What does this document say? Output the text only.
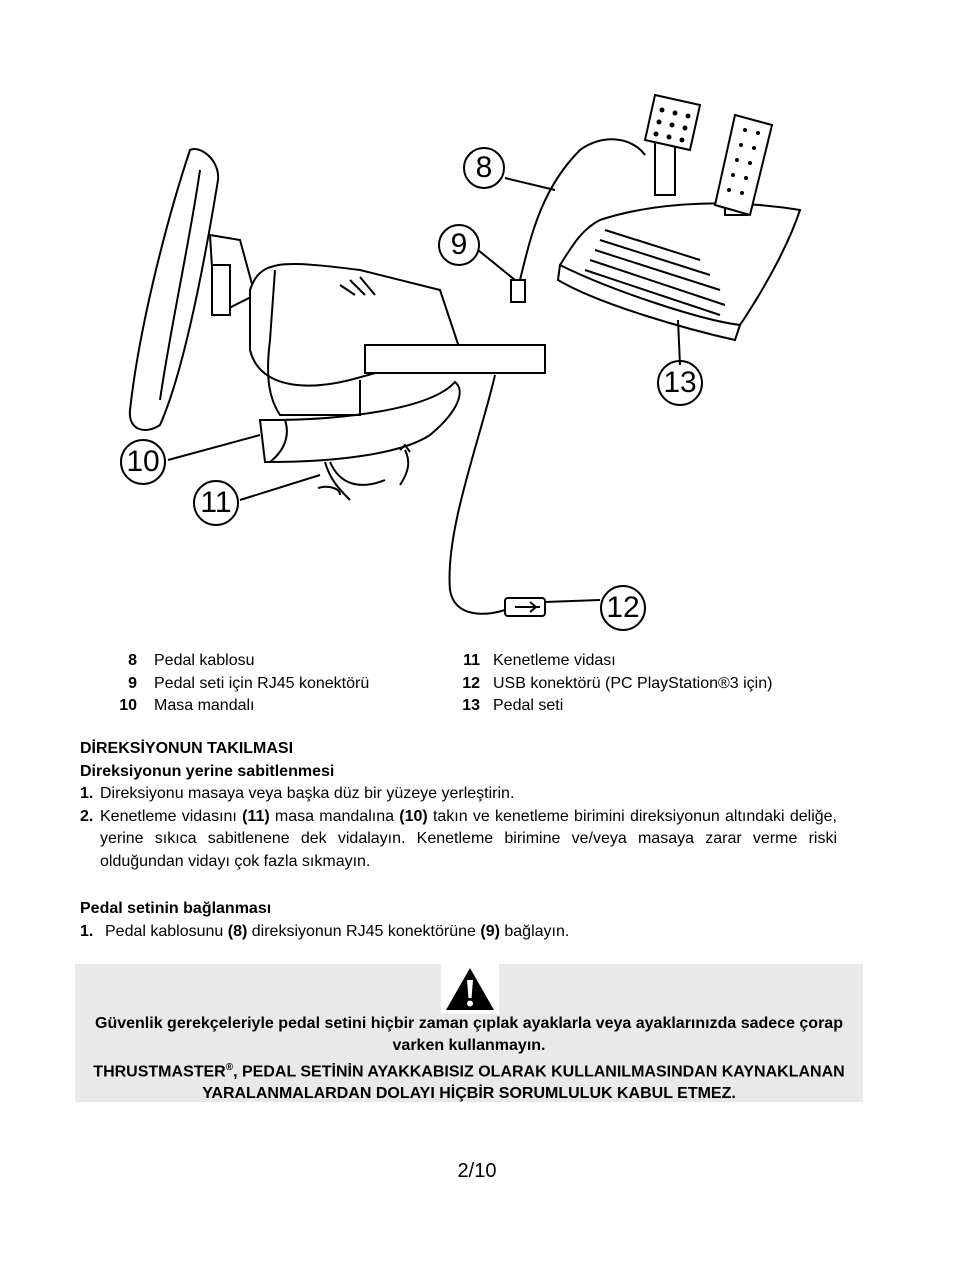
8
9
10
11
12
13
8 Pedal kablosu
9 Pedal seti için RJ45 konektörü
10 Masa mandalı
11 Kenetleme vidası
12 USB konektörü (PC PlayStation®3 için)
13 Pedal seti

DİREKSİYONUN TAKILMASI

Direksiyonun yerine sabitlenmesi

1. Direksiyonu masaya veya başka düz bir yüzeye yerleştirin.
2. Kenetleme vidasını (11) masa mandalına (10) takın ve kenetleme birimini direksiyonun altındaki deliğe, yerine sıkıca sabitlenene dek vidalayın. Kenetleme birimine ve/veya masaya zarar verme riski olduğundan vidayı çok fazla sıkmayın.

Pedal setinin bağlanması

1. Pedal kablosunu (8) direksiyonun RJ45 konektörüne (9) bağlayın.
Güvenlik gerekçeleriyle pedal setini hiçbir zaman çıplak ayaklarla veya ayaklarınızda sadece çorap varken kullanmayın.
THRUSTMASTER®, PEDAL SETİNİN AYAKKABISIZ OLARAK KULLANILMASINDAN KAYNAKLANAN YARALANMALARDAN DOLAYI HİÇBİR SORUMLULUK KABUL ETMEZ.
2/10
